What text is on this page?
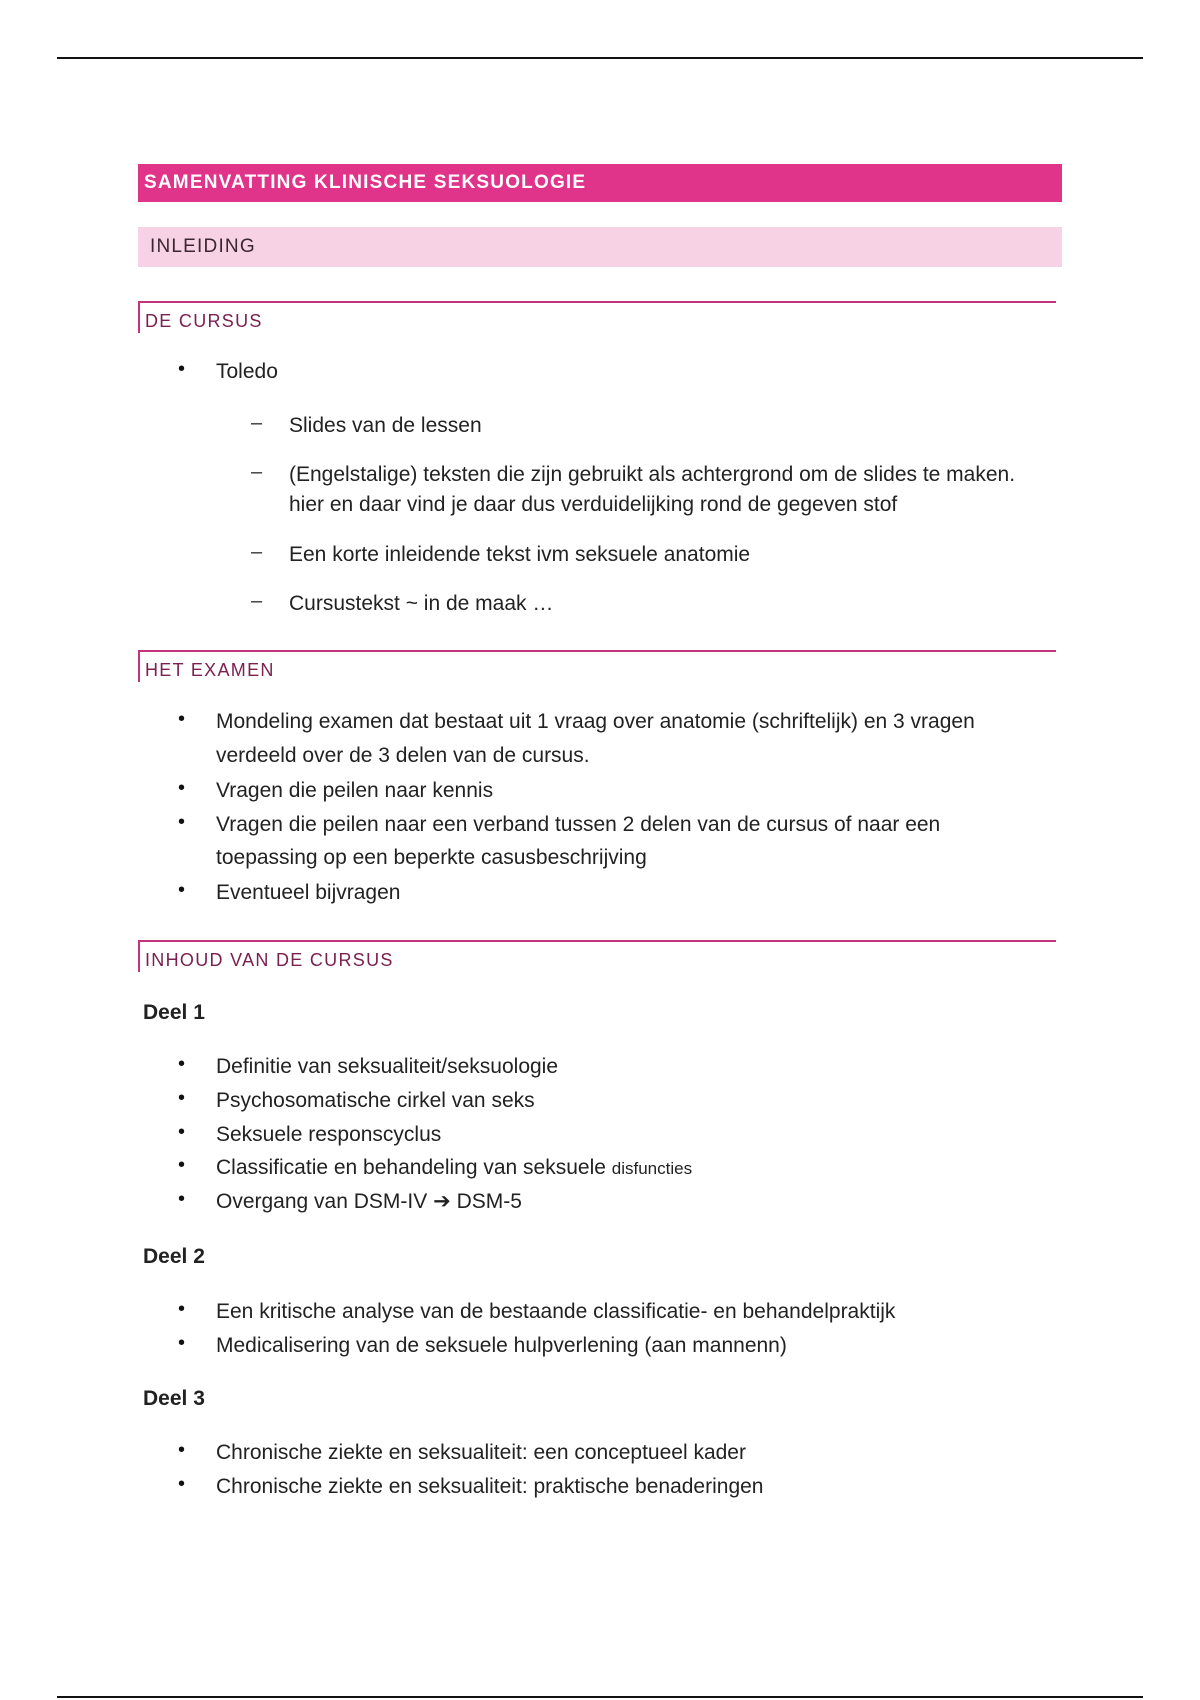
SAMENVATTING KLINISCHE SEKSUOLOGIE
INLEIDING
DE CURSUS
• Toledo
– Slides van de lessen
– (Engelstalige) teksten die zijn gebruikt als achtergrond om de slides te maken.
hier en daar vind je daar dus verduidelijking rond de gegeven stof
– Een korte inleidende tekst ivm seksuele anatomie
– Cursustekst ~ in de maak …
HET EXAMEN
• Mondeling examen dat bestaat uit 1 vraag over anatomie (schriftelijk) en 3 vragen
verdeeld over de 3 delen van de cursus.
• Vragen die peilen naar kennis
• Vragen die peilen naar een verband tussen 2 delen van de cursus of naar een
toepassing op een beperkte casusbeschrijving
• Eventueel bijvragen
INHOUD VAN DE CURSUS
Deel 1
• Definitie van seksualiteit/seksuologie
• Psychosomatische cirkel van seks
• Seksuele responscyclus
• Classificatie en behandeling van seksuele disfuncties
• Overgang van DSM-IV ➔ DSM-5
Deel 2
• Een kritische analyse van de bestaande classificatie- en behandelpraktijk
• Medicalisering van de seksuele hulpverlening (aan mannenn)
Deel 3
• Chronische ziekte en seksualiteit: een conceptueel kader
• Chronische ziekte en seksualiteit: praktische benaderingen
